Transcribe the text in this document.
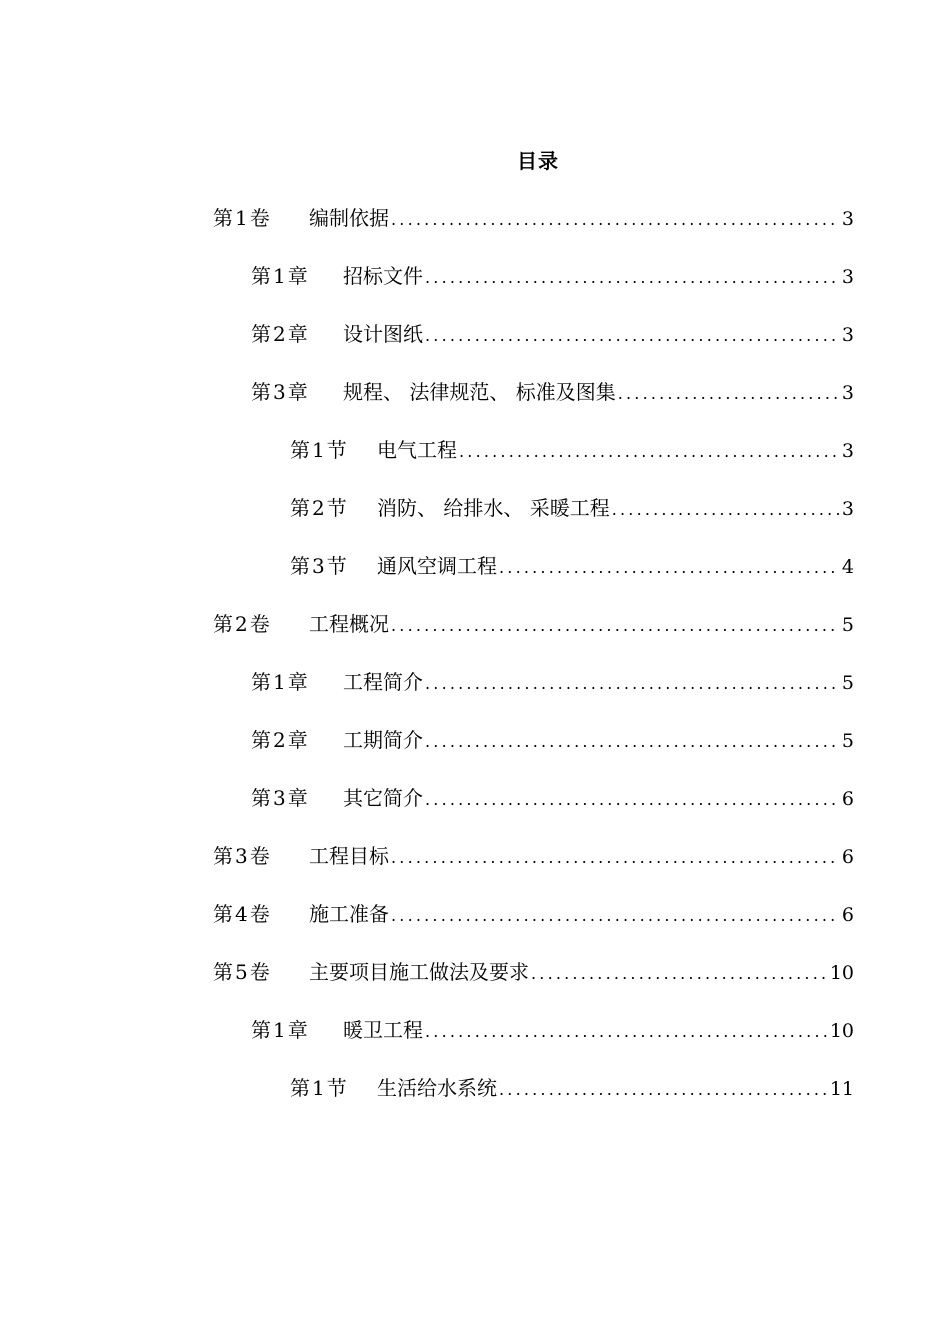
目录
第1卷	编制依据 .....	3
第1章	招标文件 .....	3
第2章	设计图纸 .....	3
第3章	规程、 法律规范、 标准及图集 .....	3
第1节	电气工程 .....	3
第2节	消防、 给排水、 采暖工程 .....	3
第3节	通风空调工程 .....	4
第2卷	工程概况 .....	5
第1章	工程简介 .....	5
第2章	工期简介 .....	5
第3章	其它简介 .....	6
第3卷	工程目标 .....	6
第4卷	施工准备 .....	6
第5卷	主要项目施工做法及要求 .....	10
第1章	暖卫工程 .....	10
第1节	生活给水系统 .....	11
